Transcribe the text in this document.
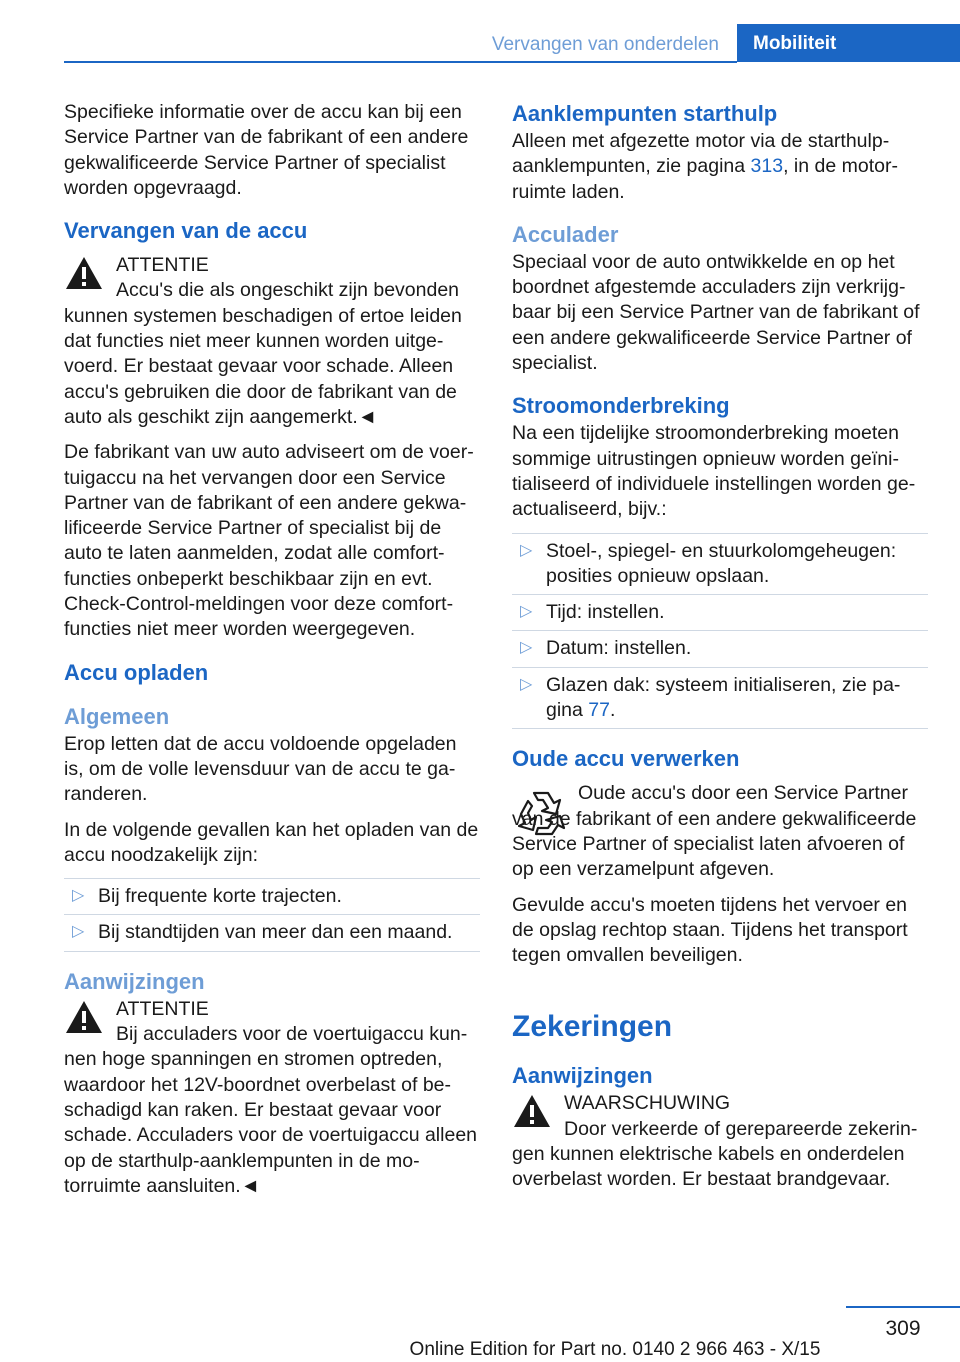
Vervangen van onderdelen	Mobiliteit

Specifieke informatie over de accu kan bij een Service Partner van de fabrikant of een andere gekwalificeerde Service Partner of specialist worden opgevraagd.

Vervangen van de accu
ATTENTIE
Accu's die als ongeschikt zijn bevonden kunnen systemen beschadigen of ertoe leiden dat functies niet meer kunnen worden uitgevoerd. Er bestaat gevaar voor schade. Alleen accu's gebruiken die door de fabrikant van de auto als geschikt zijn aangemerkt.◄

De fabrikant van uw auto adviseert om de voertuigaccu na het vervangen door een Service Partner van de fabrikant of een andere gekwalificeerde Service Partner of specialist bij de auto te laten aanmelden, zodat alle comfortfuncties onbeperkt beschikbaar zijn en evt. Check-Control-meldingen voor deze comfortfuncties niet meer worden weergegeven.

Accu opladen
Algemeen

Erop letten dat de accu voldoende opgeladen is, om de volle levensduur van de accu te garanderen.

In de volgende gevallen kan het opladen van de accu noodzakelijk zijn:

▷ Bij frequente korte trajecten.
▷ Bij standtijden van meer dan een maand.
Aanwijzingen
ATTENTIE
Bij acculaders voor de voertuigaccu kunnen hoge spanningen en stromen optreden, waardoor het 12V-boordnet overbelast of beschadigd kan raken. Er bestaat gevaar voor schade. Acculaders voor de voertuigaccu alleen op de starthulp-aanklempunten in de motorruimte aansluiten.◄
Aanklempunten starthulp

Alleen met afgezette motor via de starthulpaanklempunten, zie pagina 313, in de motorruimte laden.

Acculader

Speciaal voor de auto ontwikkelde en op het boordnet afgestemde acculaders zijn verkrijgbaar bij een Service Partner van de fabrikant of een andere gekwalificeerde Service Partner of specialist.

Stroomonderbreking

Na een tijdelijke stroomonderbreking moeten sommige uitrustingen opnieuw worden geïnitialiseerd of individuele instellingen worden geactualiseerd, bijv.:

▷ Stoel-, spiegel- en stuurkolomgeheugen: posities opnieuw opslaan.
▷ Tijd: instellen.
▷ Datum: instellen.
▷ Glazen dak: systeem initialiseren, zie pagina 77.
Oude accu verwerken
Oude accu's door een Service Partner van de fabrikant of een andere gekwalificeerde Service Partner of specialist laten afvoeren of op een verzamelpunt afgeven.

Gevulde accu's moeten tijdens het vervoer en de opslag rechtop staan. Tijdens het transport tegen omvallen beveiligen.

Zekeringen
Aanwijzingen
WAARSCHUWING
Door verkeerde of gerepareerde zekeringen kunnen elektrische kabels en onderdelen overbelast worden. Er bestaat brandgevaar.
309
Online Edition for Part no. 0140 2 966 463 - X/15
